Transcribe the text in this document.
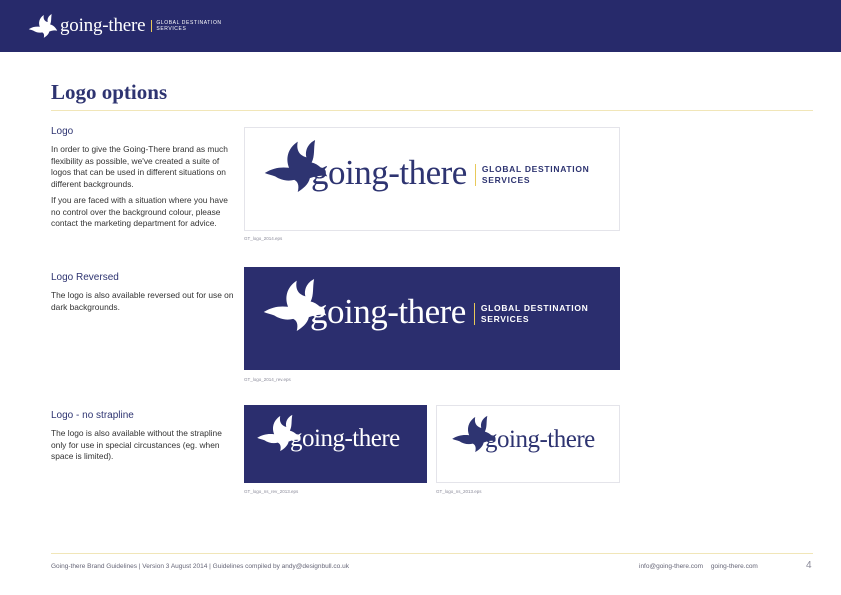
going-there	GLOBAL DESTINATION
SERVICES
Logo options
Logo

In order to give the Going-There brand as much flexibility as possible, we've created a suite of logos that can be used in different situations on different backgrounds.

If you are faced with a situation where you have no control over the background colour, please contact the marketing department for advice.

Logo Reversed

The logo is also available reversed out for use on dark backgrounds.

Logo - no strapline

The logo is also available without the strapline only for use in special circustances (eg. when space is limited).

going-there	GLOBAL DESTINATION
SERVICES
GT_logo_2014.eps
going-there	GLOBAL DESTINATION
SERVICES
GT_logo_2014_rev.eps
going-there
GT_logo_ns_rev_2013.eps
going-there
GT_logo_ns_2013.eps
Going-there Brand Guidelines | Version 3 August 2014 | Guidelines compiled by andy@designbull.co.uk	info@going-there.com going-there.com	4
